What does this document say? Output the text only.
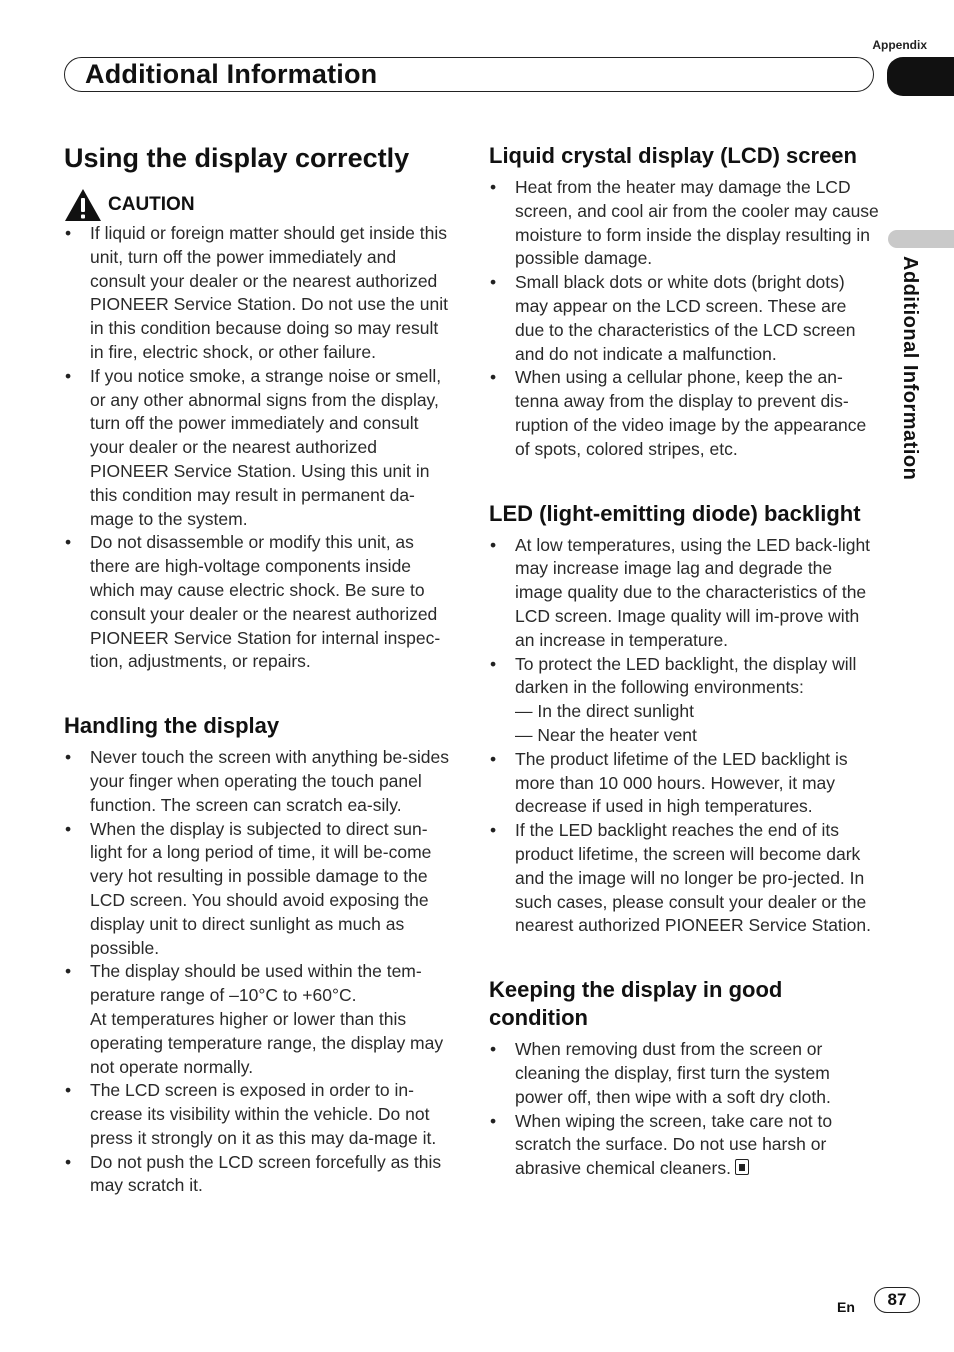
Appendix
Additional Information
Additional Information
Using the display correctly
CAUTION
• If liquid or foreign matter should get inside this unit, turn off the power immediately and consult your dealer or the nearest authorized PIONEER Service Station. Do not use the unit in this condition because doing so may result in fire, electric shock, or other failure.
• If you notice smoke, a strange noise or smell, or any other abnormal signs from the display, turn off the power immediately and consult your dealer or the nearest authorized PIONEER Service Station. Using this unit in this condition may result in permanent da-mage to the system.
• Do not disassemble or modify this unit, as there are high-voltage components inside which may cause electric shock. Be sure to consult your dealer or the nearest authorized PIONEER Service Station for internal inspec-tion, adjustments, or repairs.
Handling the display
• Never touch the screen with anything be-sides your finger when operating the touch panel function. The screen can scratch ea-sily.
• When the display is subjected to direct sun-light for a long period of time, it will be-come very hot resulting in possible damage to the LCD screen. You should avoid exposing the display unit to direct sunlight as much as possible.
• The display should be used within the tem-perature range of –10°C to +60°C.
At temperatures higher or lower than this operating temperature range, the display may not operate normally.
• The LCD screen is exposed in order to in-crease its visibility within the vehicle. Do not press it strongly on it as this may da-mage it.
• Do not push the LCD screen forcefully as this may scratch it.
Liquid crystal display (LCD) screen
• Heat from the heater may damage the LCD screen, and cool air from the cooler may cause moisture to form inside the display resulting in possible damage.
• Small black dots or white dots (bright dots) may appear on the LCD screen. These are due to the characteristics of the LCD screen and do not indicate a malfunction.
• When using a cellular phone, keep the an-tenna away from the display to prevent dis-ruption of the video image by the appearance of spots, colored stripes, etc.
LED (light-emitting diode) backlight
• At low temperatures, using the LED back-light may increase image lag and degrade the image quality due to the characteristics of the LCD screen. Image quality will im-prove with an increase in temperature.
• To protect the LED backlight, the display will darken in the following environments:
— In the direct sunlight
— Near the heater vent
• The product lifetime of the LED backlight is more than 10 000 hours. However, it may decrease if used in high temperatures.
• If the LED backlight reaches the end of its product lifetime, the screen will become dark and the image will no longer be pro-jected. In such cases, please consult your dealer or the nearest authorized PIONEER Service Station.
Keeping the display in good condition
• When removing dust from the screen or cleaning the display, first turn the system power off, then wipe with a soft dry cloth.
• When wiping the screen, take care not to scratch the surface. Do not use harsh or abrasive chemical cleaners.
En	87
